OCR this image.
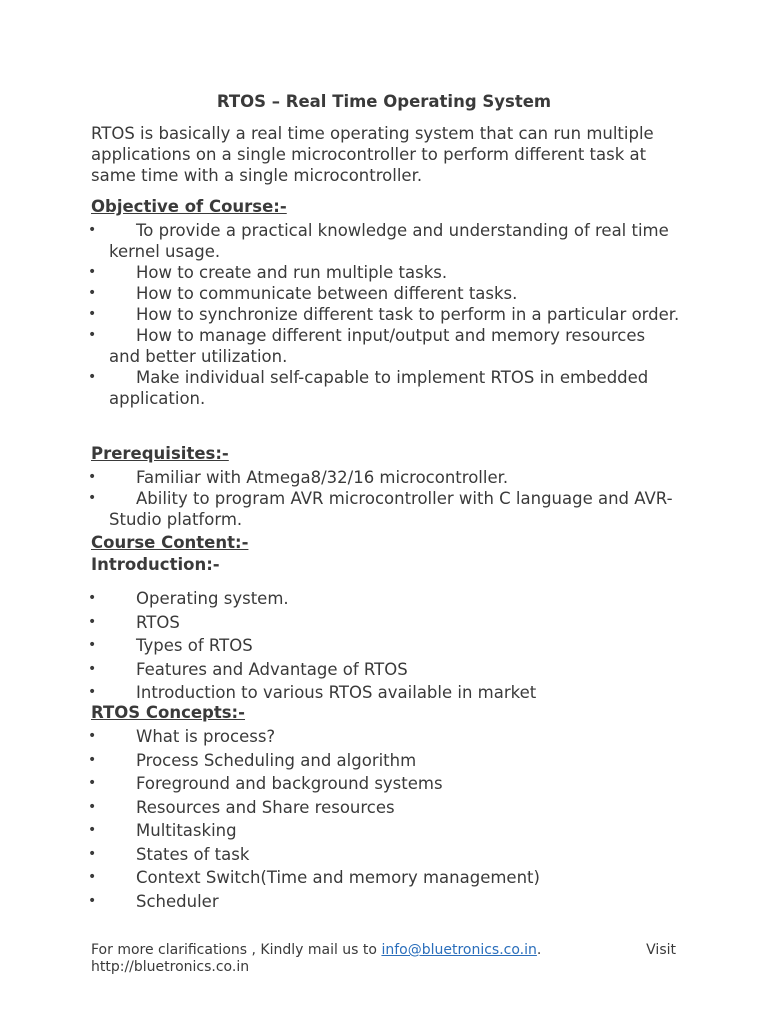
RTOS – Real Time Operating System

RTOS is basically a real time operating system that can run multiple applications on a single microcontroller to perform different task at same time with a single microcontroller.

Objective of Course:-
•	To provide a practical knowledge and understanding of real time kernel usage.
•	How to create and run multiple tasks.
•	How to communicate between different tasks.
•	How to synchronize different task to perform in a particular order.
•	How to manage different input/output and memory resources and better utilization.
•	Make individual self-capable to implement RTOS in embedded application.
Prerequisites:-
•	Familiar with Atmega8/32/16 microcontroller.
•	Ability to program AVR microcontroller with C language and AVR-Studio platform.
Course Content:-
Introduction:-
•	Operating system.
•	RTOS
•	Types of RTOS
•	Features and Advantage of RTOS
•	Introduction to various RTOS available in market
RTOS Concepts:-
•	What is process?
•	Process Scheduling and algorithm
•	Foreground and background systems
•	Resources and Share resources
•	Multitasking
•	States of task
•	Context Switch(Time and memory management)
•	Scheduler
For more clarifications , Kindly mail us to info@bluetronics.co.in.	Visit

http://bluetronics.co.in
